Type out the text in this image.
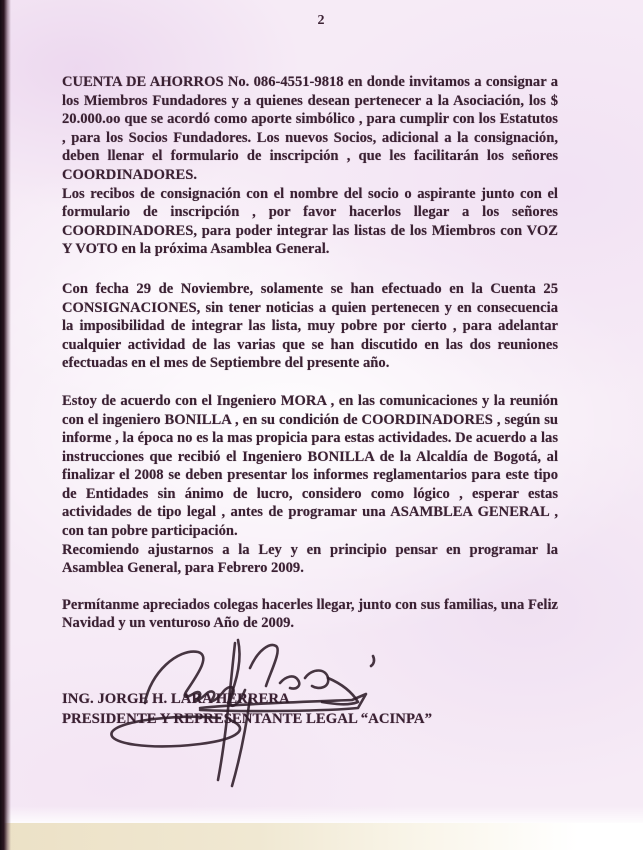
2

CUENTA DE AHORROS No. 086-4551-9818 en donde invitamos a consignar a los Miembros Fundadores y a quienes desean pertenecer a la Asociación, los $ 20.000.oo que se acordó como aporte simbólico , para cumplir con los Estatutos , para los Socios Fundadores. Los nuevos Socios, adicional a la consignación, deben llenar el formulario de inscripción , que les facilitarán los señores COORDINADORES.

Los recibos de consignación con el nombre del socio o aspirante junto con el formulario de inscripción , por favor hacerlos llegar a los señores COORDINADORES, para poder integrar las listas de los Miembros con VOZ Y VOTO en la próxima Asamblea General.

Con fecha 29 de Noviembre, solamente se han efectuado en la Cuenta 25 CONSIGNACIONES, sin tener noticias a quien pertenecen y en consecuencia la imposibilidad de integrar las lista, muy pobre por cierto , para adelantar cualquier actividad de las varias que se han discutido en las dos reuniones efectuadas en el mes de Septiembre del presente año.

Estoy de acuerdo con el Ingeniero MORA , en las comunicaciones y la reunión con el ingeniero BONILLA , en su condición de COORDINADORES , según su informe , la época no es la mas propicia para estas actividades. De acuerdo a las instrucciones que recibió el Ingeniero BONILLA de la Alcaldía de Bogotá, al finalizar el 2008 se deben presentar los informes reglamentarios para este tipo de Entidades sin ánimo de lucro, considero como lógico , esperar estas actividades de tipo legal , antes de programar una ASAMBLEA GENERAL , con tan pobre participación.

Recomiendo ajustarnos a la Ley y en principio pensar en programar la Asamblea General, para Febrero 2009.

Permítanme apreciados colegas hacerles llegar, junto con sus familias, una Feliz Navidad y un venturoso Año de 2009.

ING. JORGE H. LARA HERRERA
PRESIDENTE Y REPRESENTANTE LEGAL “ACINPA”
